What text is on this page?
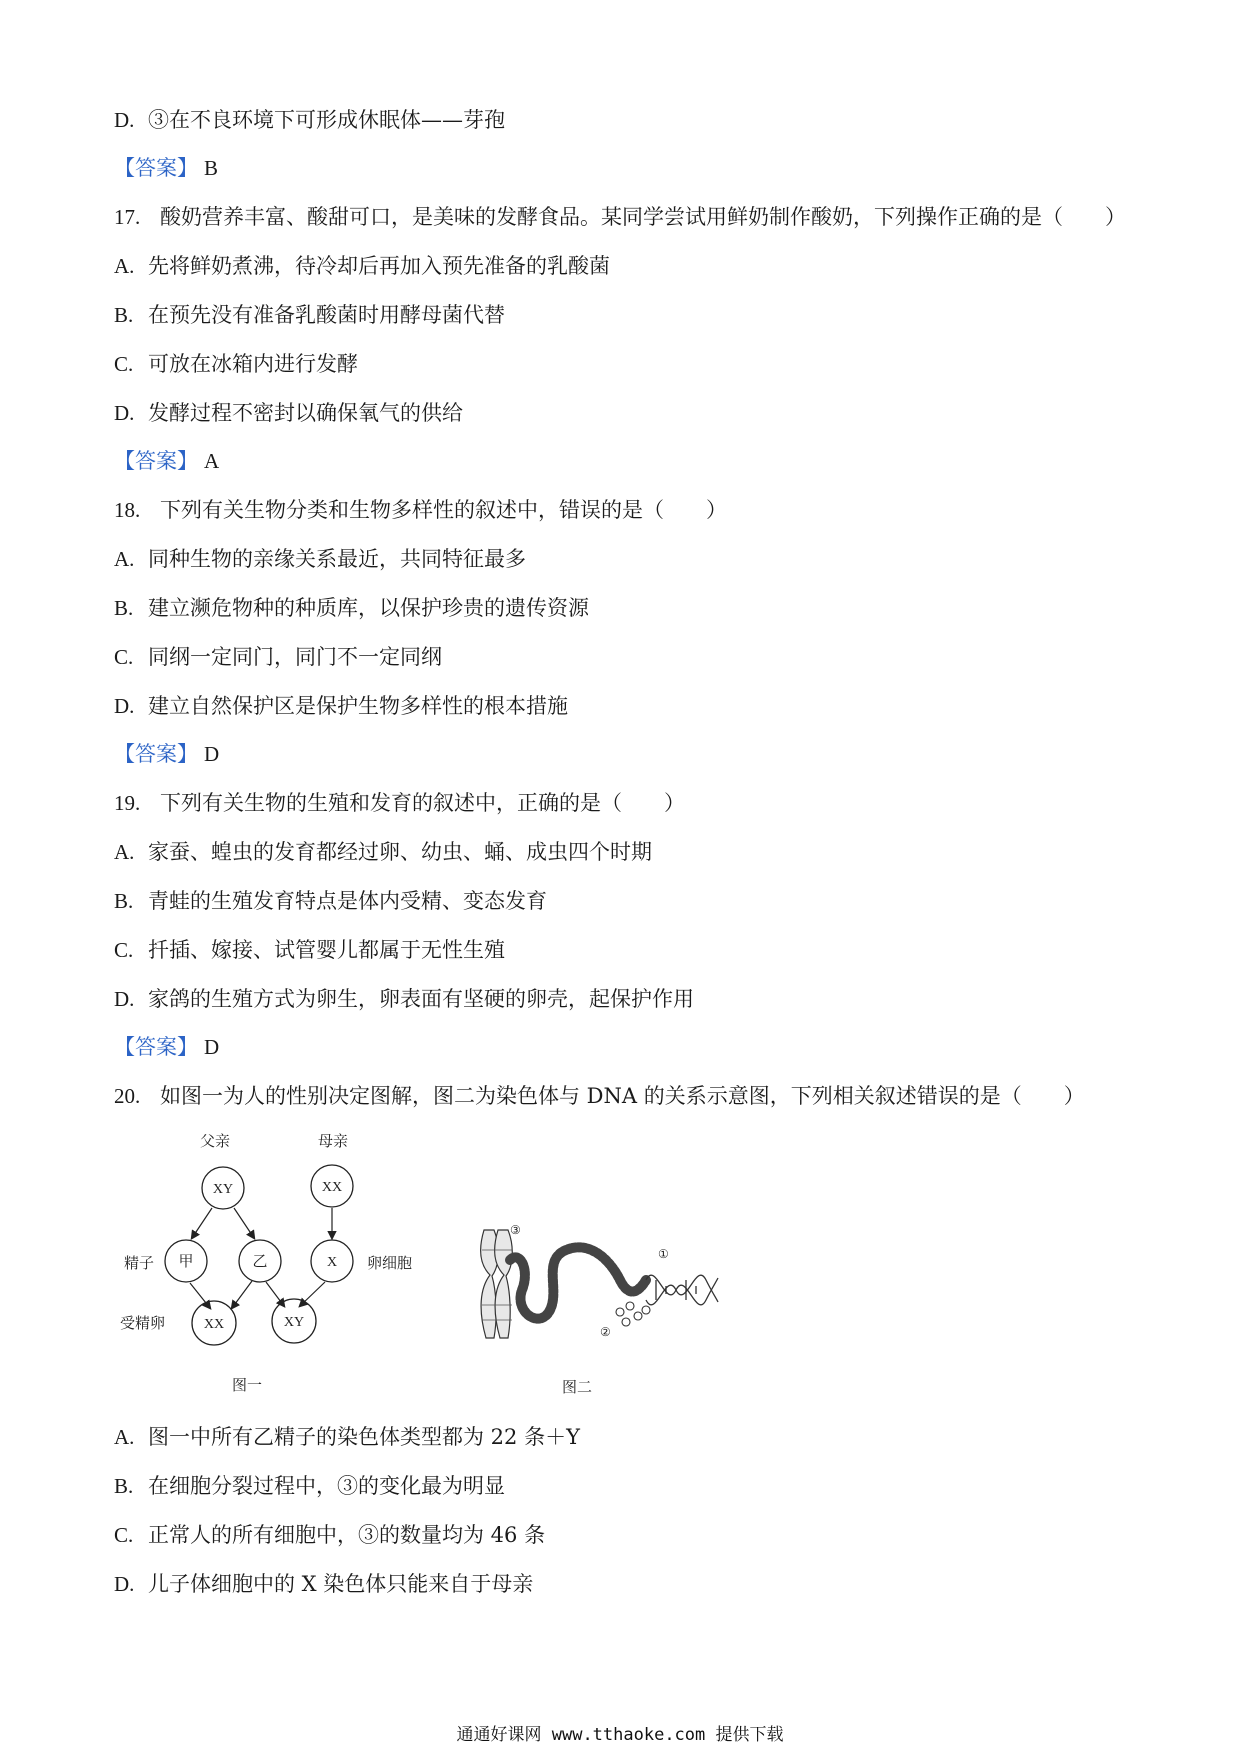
D. ③在不良环境下可形成休眠体——芽孢
【答案】 B
17. 酸奶营养丰富、酸甜可口，是美味的发酵食品。某同学尝试用鲜奶制作酸奶，下列操作正确的是（　　）
A. 先将鲜奶煮沸，待冷却后再加入预先准备的乳酸菌
B. 在预先没有准备乳酸菌时用酵母菌代替
C. 可放在冰箱内进行发酵
D. 发酵过程不密封以确保氧气的供给
【答案】 A
18. 下列有关生物分类和生物多样性的叙述中，错误的是（　　）
A. 同种生物的亲缘关系最近，共同特征最多
B. 建立濒危物种的种质库，以保护珍贵的遗传资源
C. 同纲一定同门，同门不一定同纲
D. 建立自然保护区是保护生物多样性的根本措施
【答案】 D
19. 下列有关生物的生殖和发育的叙述中，正确的是（　　）
A. 家蚕、蝗虫的发育都经过卵、幼虫、蛹、成虫四个时期
B. 青蛙的生殖发育特点是体内受精、变态发育
C. 扦插、嫁接、试管婴儿都属于无性生殖
D. 家鸽的生殖方式为卵生，卵表面有坚硬的卵壳，起保护作用
【答案】 D
20. 如图一为人的性别决定图解，图二为染色体与 DNA 的关系示意图，下列相关叙述错误的是（　　）
父亲	母亲
XY	XX
精子 甲	乙	X 卵细胞
受精卵	XX	XY
图一
③
②
①
图二
A. 图一中所有乙精子的染色体类型都为 22 条＋Y
B. 在细胞分裂过程中，③的变化最为明显
C. 正常人的所有细胞中，③的数量均为 46 条
D. 儿子体细胞中的 X 染色体只能来自于母亲
通通好课网 www.tthaoke.com 提供下载
